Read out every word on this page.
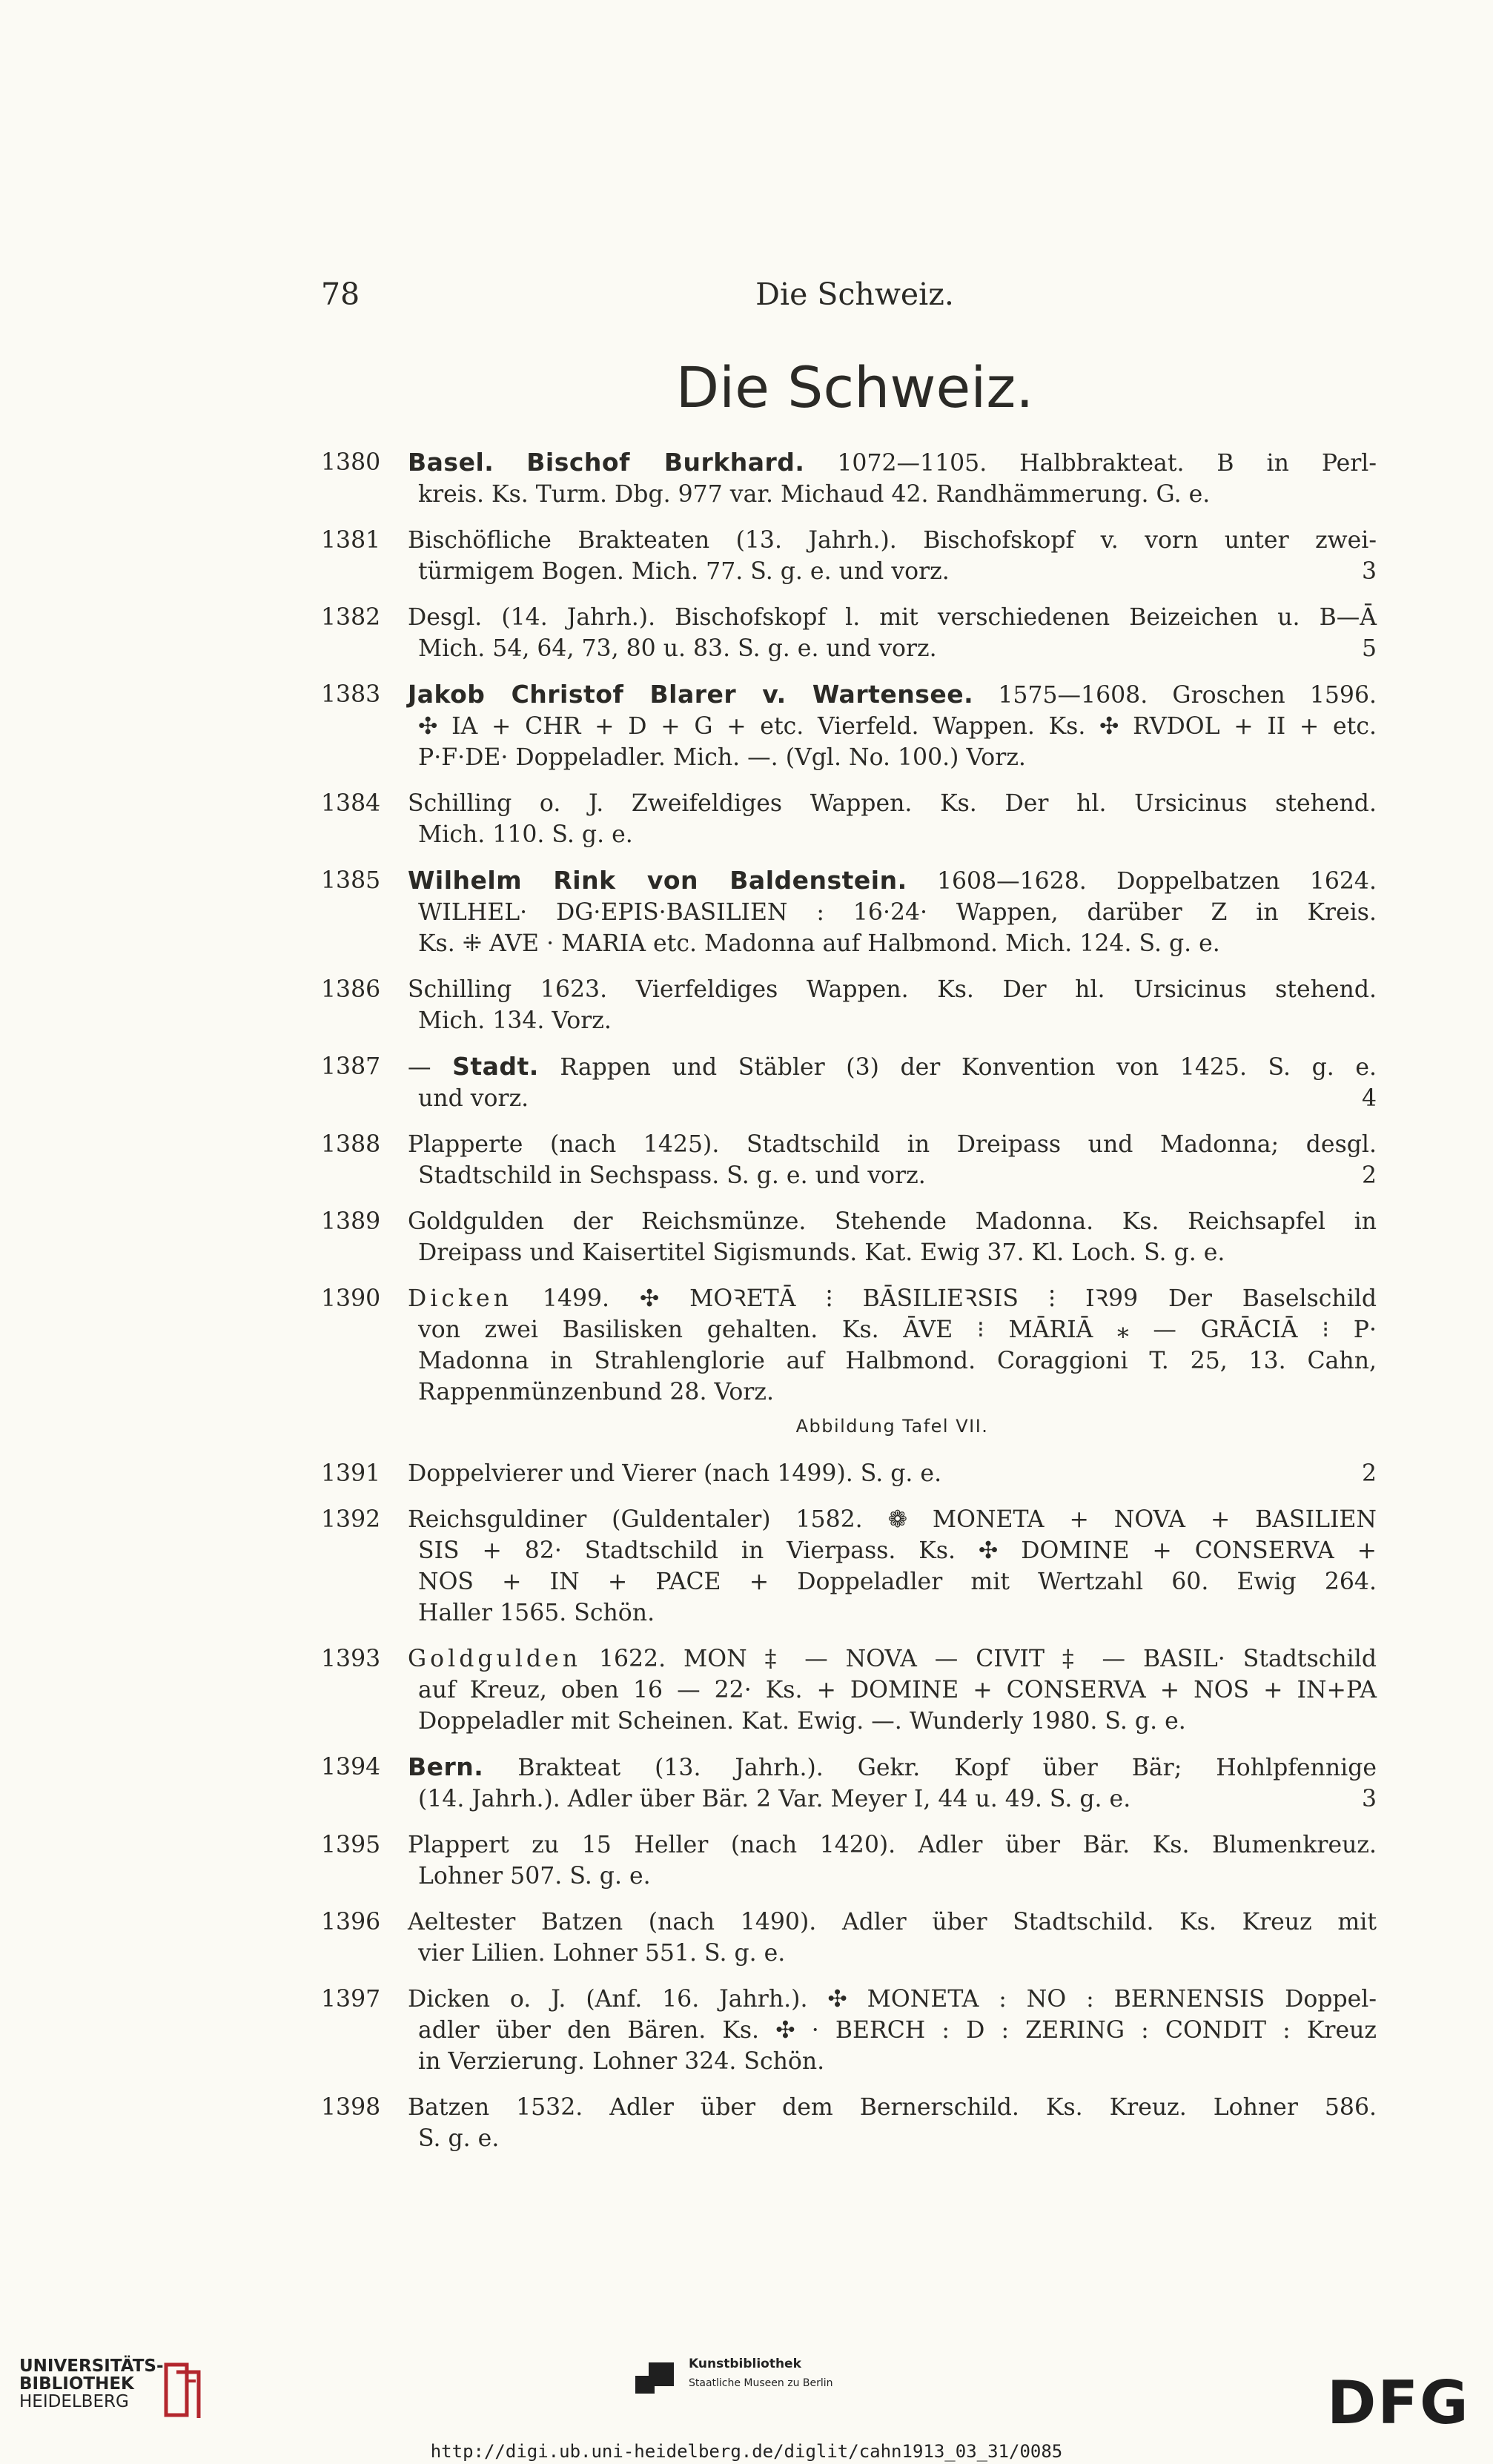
78	Die Schweiz.
Die Schweiz.
1380 Basel. Bischof Burkhard. 1072—1105. Halbbrakteat. B in Perl-
kreis. Ks. Turm. Dbg. 977 var. Michaud 42. Randhämmerung. G. e.
1381 Bischöfliche Brakteaten (13. Jahrh.). Bischofskopf v. vorn unter zwei-
türmigem Bogen. Mich. 77. S. g. e. und vorz.	3
1382 Desgl. (14. Jahrh.). Bischofskopf l. mit verschiedenen Beizeichen u. B—Ā
Mich. 54, 64, 73, 80 u. 83. S. g. e. und vorz.	5
1383 Jakob Christof Blarer v. Wartensee. 1575—1608. Groschen 1596.
✣ IA + CHR + D + G + etc. Vierfeld. Wappen. Ks. ✣ RVDOL + II + etc.
P·F·DE· Doppeladler. Mich. —. (Vgl. No. 100.) Vorz.
1384 Schilling o. J. Zweifeldiges Wappen. Ks. Der hl. Ursicinus stehend.
Mich. 110. S. g. e.
1385 Wilhelm Rink von Baldenstein. 1608—1628. Doppelbatzen 1624.
WILHEL· DG·EPIS·BASILIEN : 16·24· Wappen, darüber Z in Kreis.
Ks. ⁜ AVE · MARIA etc. Madonna auf Halbmond. Mich. 124. S. g. e.
1386 Schilling 1623. Vierfeldiges Wappen. Ks. Der hl. Ursicinus stehend.
Mich. 134. Vorz.
1387 — Stadt. Rappen und Stäbler (3) der Konvention von 1425. S. g. e.
und vorz.	4
1388 Plapperte (nach 1425). Stadtschild in Dreipass und Madonna; desgl.
Stadtschild in Sechspass. S. g. e. und vorz.	2
1389 Goldgulden der Reichsmünze. Stehende Madonna. Ks. Reichsapfel in
Dreipass und Kaisertitel Sigismunds. Kat. Ewig 37. Kl. Loch. S. g. e.
1390 Dicken 1499. ✣ MOꝚETĀ ⁝ BĀSILIEꝚSIS ⁝ IꝚ99 Der Baselschild
von zwei Basilisken gehalten. Ks. ĀVE ⁝ MĀRIĀ ⁎ — GRĀCIĀ ⁝ P·
Madonna in Strahlenglorie auf Halbmond. Coraggioni T. 25, 13. Cahn,
Rappenmünzenbund 28. Vorz.
Abbildung Tafel VII.
1391 Doppelvierer und Vierer (nach 1499). S. g. e.	2
1392 Reichsguldiner (Guldentaler) 1582. ❁ MONETA + NOVA + BASILIEN
SIS + 82· Stadtschild in Vierpass. Ks. ✣ DOMINE + CONSERVA +
NOS + IN + PACE + Doppeladler mit Wertzahl 60. Ewig 264.
Haller 1565. Schön.
1393 Goldgulden 1622. MON ‡ — NOVA — CIVIT ‡ — BASIL· Stadtschild
auf Kreuz, oben 16 — 22· Ks. + DOMINE + CONSERVA + NOS + IN+PA
Doppeladler mit Scheinen. Kat. Ewig. —. Wunderly 1980. S. g. e.
1394 Bern. Brakteat (13. Jahrh.). Gekr. Kopf über Bär; Hohlpfennige
(14. Jahrh.). Adler über Bär. 2 Var. Meyer I, 44 u. 49. S. g. e.	3
1395 Plappert zu 15 Heller (nach 1420). Adler über Bär. Ks. Blumenkreuz.
Lohner 507. S. g. e.
1396 Aeltester Batzen (nach 1490). Adler über Stadtschild. Ks. Kreuz mit
vier Lilien. Lohner 551. S. g. e.
1397 Dicken o. J. (Anf. 16. Jahrh.). ✣ MONETA : NO : BERNENSIS Doppel-
adler über den Bären. Ks. ✣ · BERCH : D : ZERING : CONDIT : Kreuz
in Verzierung. Lohner 324. Schön.
1398 Batzen 1532. Adler über dem Bernerschild. Ks. Kreuz. Lohner 586.
S. g. e.
UNIVERSITÄTS-
BIBLIOTHEK
HEIDELBERG
Kunstbibliothek
Staatliche Museen zu Berlin	DFG
http://digi.ub.uni-heidelberg.de/diglit/cahn1913_03_31/0085
